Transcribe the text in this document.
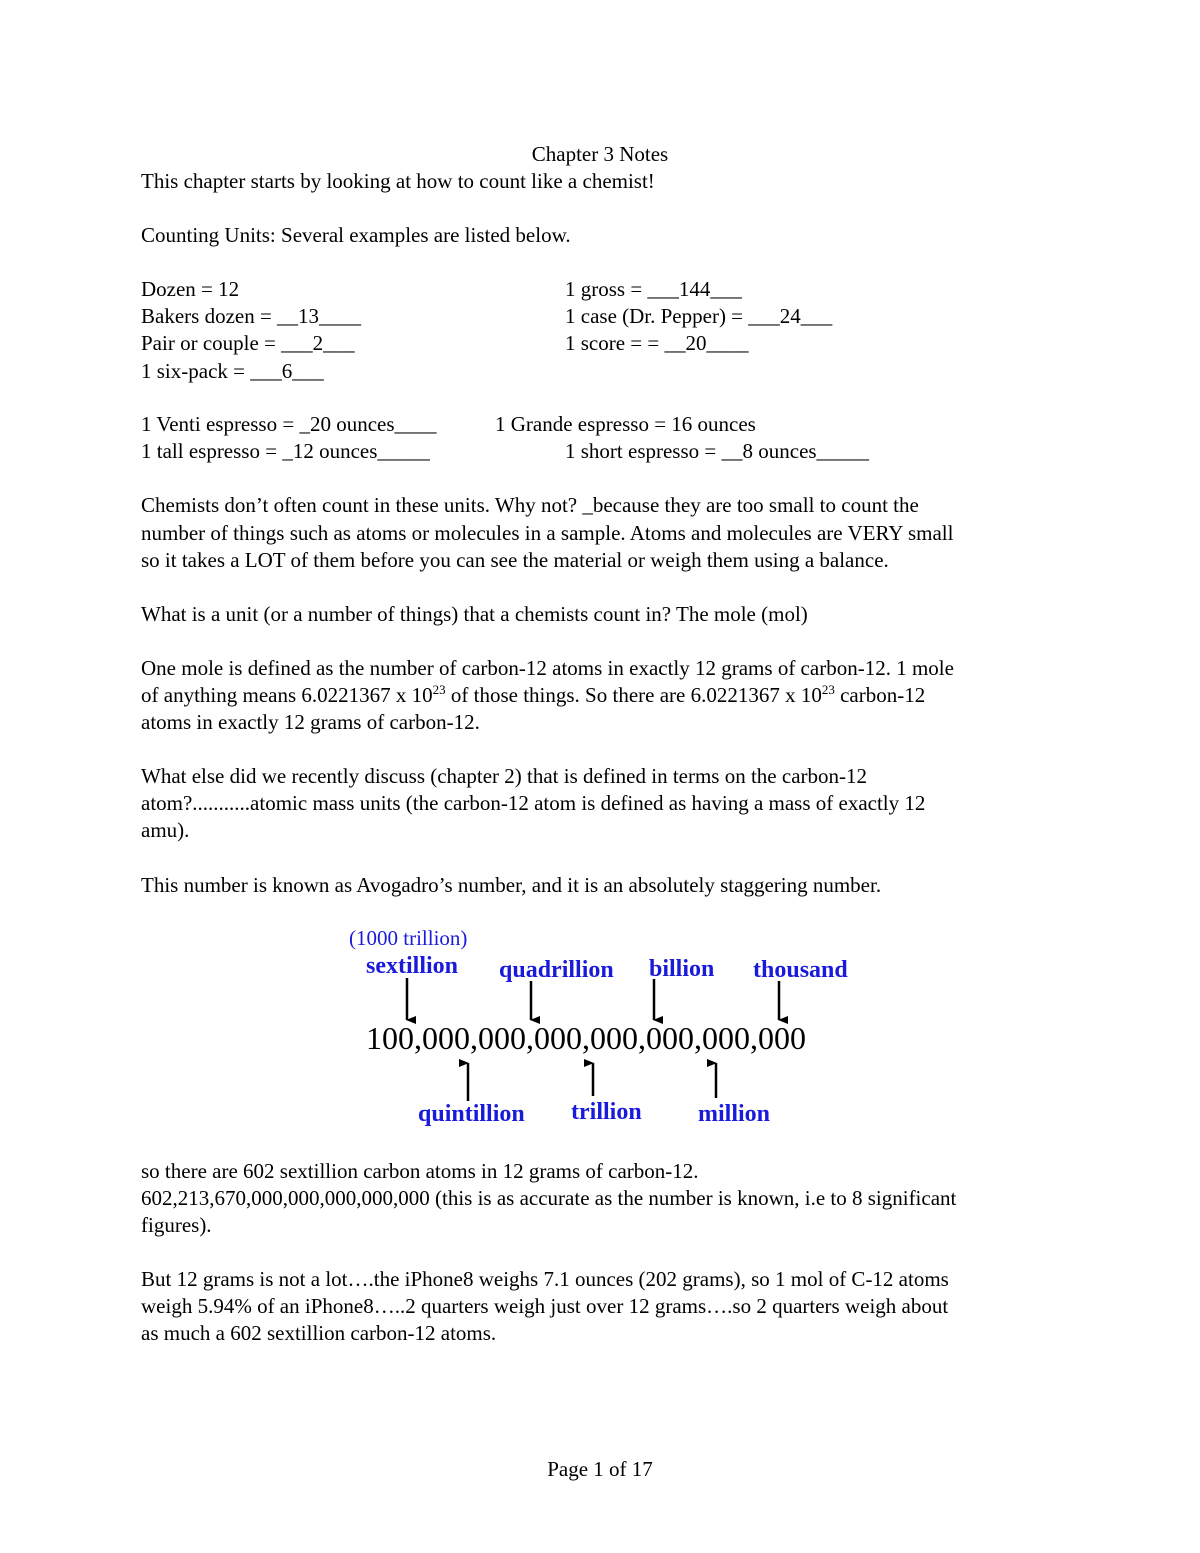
Chapter 3 Notes
This chapter starts by looking at how to count like a chemist!
Counting Units: Several examples are listed below.
Dozen = 12
Bakers dozen = __13____
Pair or couple = ___2___
1 six-pack = ___6___
1 gross = ___144___
1 case (Dr. Pepper) = ___24___
1 score = = __20____
1 Venti espresso = _20 ounces____	1 Grande espresso = 16 ounces
1 tall espresso = _12 ounces_____	1 short espresso = __8 ounces_____
Chemists don’t often count in these units. Why not? _because they are too small to count the
number of things such as atoms or molecules in a sample. Atoms and molecules are VERY small
so it takes a LOT of them before you can see the material or weigh them using a balance.
What is a unit (or a number of things) that a chemists count in? The mole (mol)
One mole is defined as the number of carbon-12 atoms in exactly 12 grams of carbon-12. 1 mole
of anything means 6.0221367 x $10^{23}$ of those things. So there are 6.0221367 x $10^{23}$ carbon-12
atoms in exactly 12 grams of carbon-12.
What else did we recently discuss (chapter 2) that is defined in terms on the carbon-12
atom?...........atomic mass units (the carbon-12 atom is defined as having a mass of exactly 12
amu).
This number is known as Avogadro’s number, and it is an absolutely staggering number.
(1000 trillion)
sextillion quadrillion billion thousand
100,000,000,000,000,000,000,000
quintillion trillion million
so there are 602 sextillion carbon atoms in 12 grams of carbon-12.
602,213,670,000,000,000,000,000 (this is as accurate as the number is known, i.e to 8 significant
figures).
But 12 grams is not a lot….the iPhone8 weighs 7.1 ounces (202 grams), so 1 mol of C-12 atoms
weigh 5.94% of an iPhone8…..2 quarters weigh just over 12 grams….so 2 quarters weigh about
as much a 602 sextillion carbon-12 atoms.
Page 1 of 17
